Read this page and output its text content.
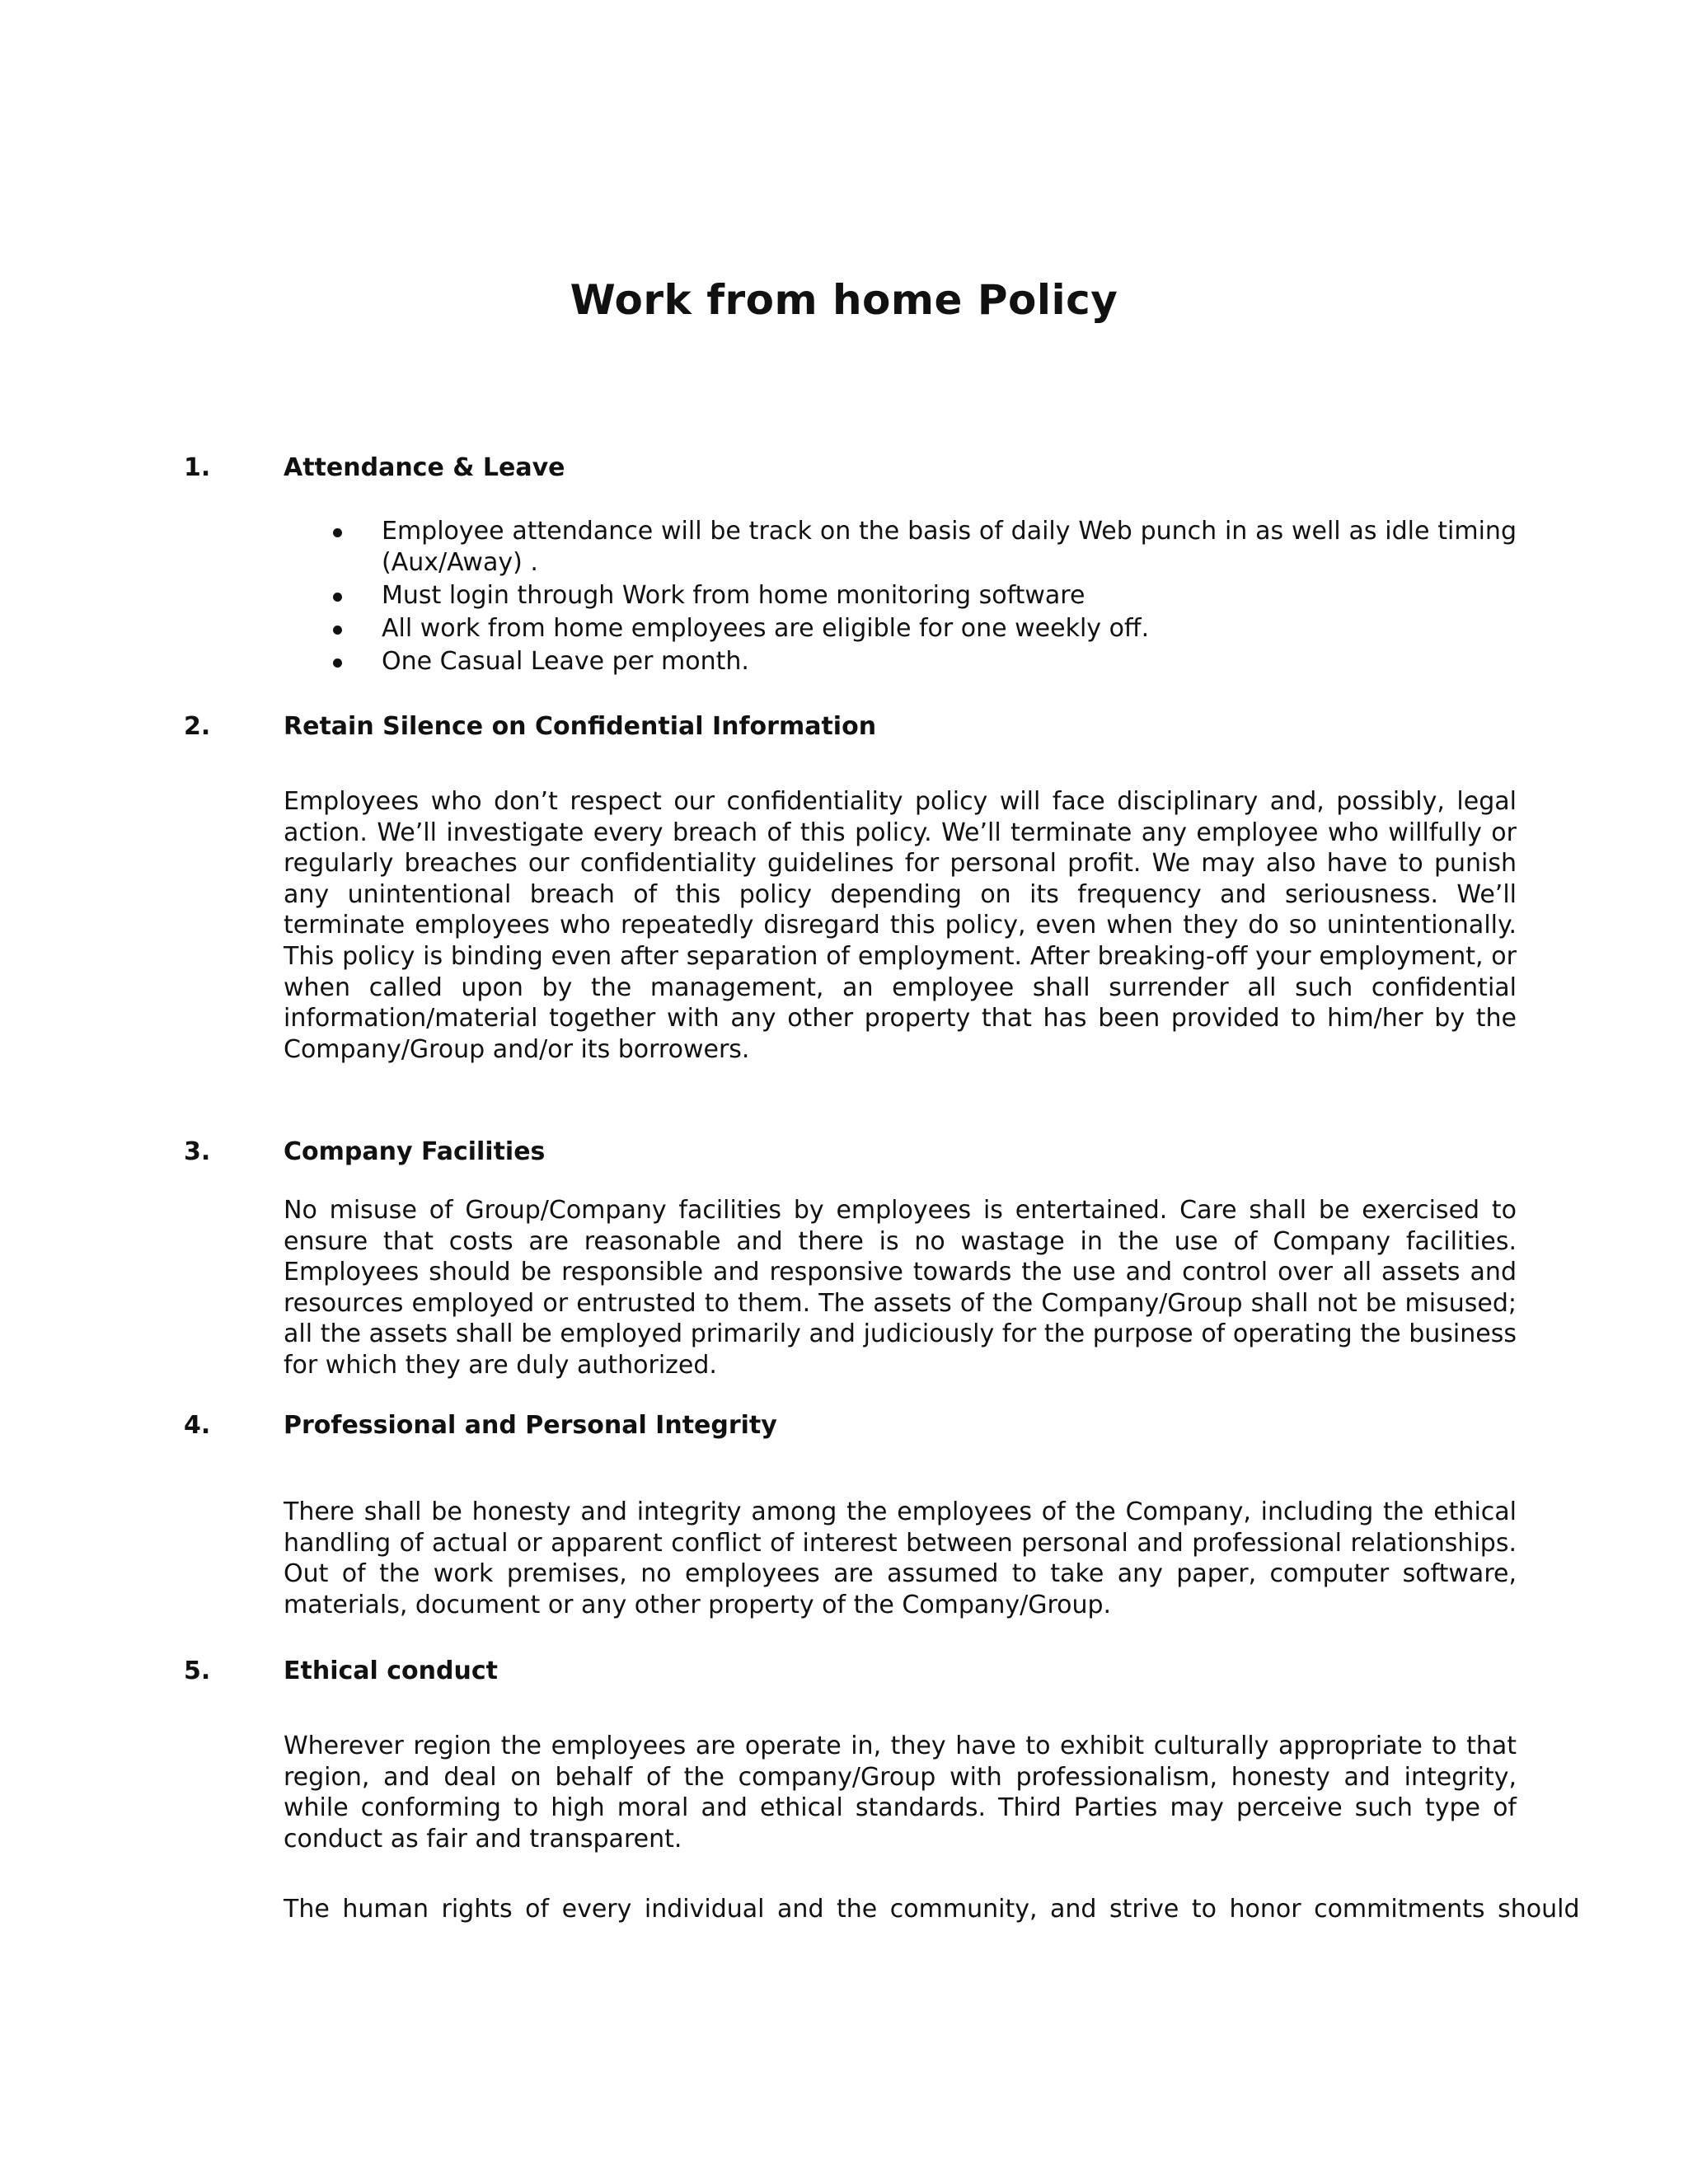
Work from home Policy
1.	Attendance & Leave
Employee attendance will be track on the basis of daily Web punch in as well as idle timing (Aux/Away) .
Must login through Work from home monitoring software
All work from home employees are eligible for one weekly off.
One Casual Leave per month.
2.	Retain Silence on Confidential Information

Employees who don’t respect our confidentiality policy will face disciplinary and, possibly, legal action. We’ll investigate every breach of this policy. We’ll terminate any employee who willfully or regularly breaches our confidentiality guidelines for personal profit. We may also have to punish any unintentional breach of this policy depending on its frequency and seriousness. We’ll terminate employees who repeatedly disregard this policy, even when they do so unintentionally. This policy is binding even after separation of employment. After breaking-off your employment, or when called upon by the management, an employee shall surrender all such confidential information/material together with any other property that has been provided to him/her by the Company/Group and/or its borrowers.

3.	Company Facilities

No misuse of Group/Company facilities by employees is entertained. Care shall be exercised to ensure that costs are reasonable and there is no wastage in the use of Company facilities. Employees should be responsible and responsive towards the use and control over all assets and resources employed or entrusted to them. The assets of the Company/Group shall not be misused; all the assets shall be employed primarily and judiciously for the purpose of operating the business for which they are duly authorized.

4.	Professional and Personal Integrity

There shall be honesty and integrity among the employees of the Company, including the ethical handling of actual or apparent conflict of interest between personal and professional relationships. Out of the work premises, no employees are assumed to take any paper, computer software, materials, document or any other property of the Company/Group.

5.	Ethical conduct

Wherever region the employees are operate in, they have to exhibit culturally appropriate to that region, and deal on behalf of the company/Group with professionalism, honesty and integrity, while conforming to high moral and ethical standards. Third Parties may perceive such type of conduct as fair and transparent.

The human rights of every individual and the community, and strive to honor commitments should
